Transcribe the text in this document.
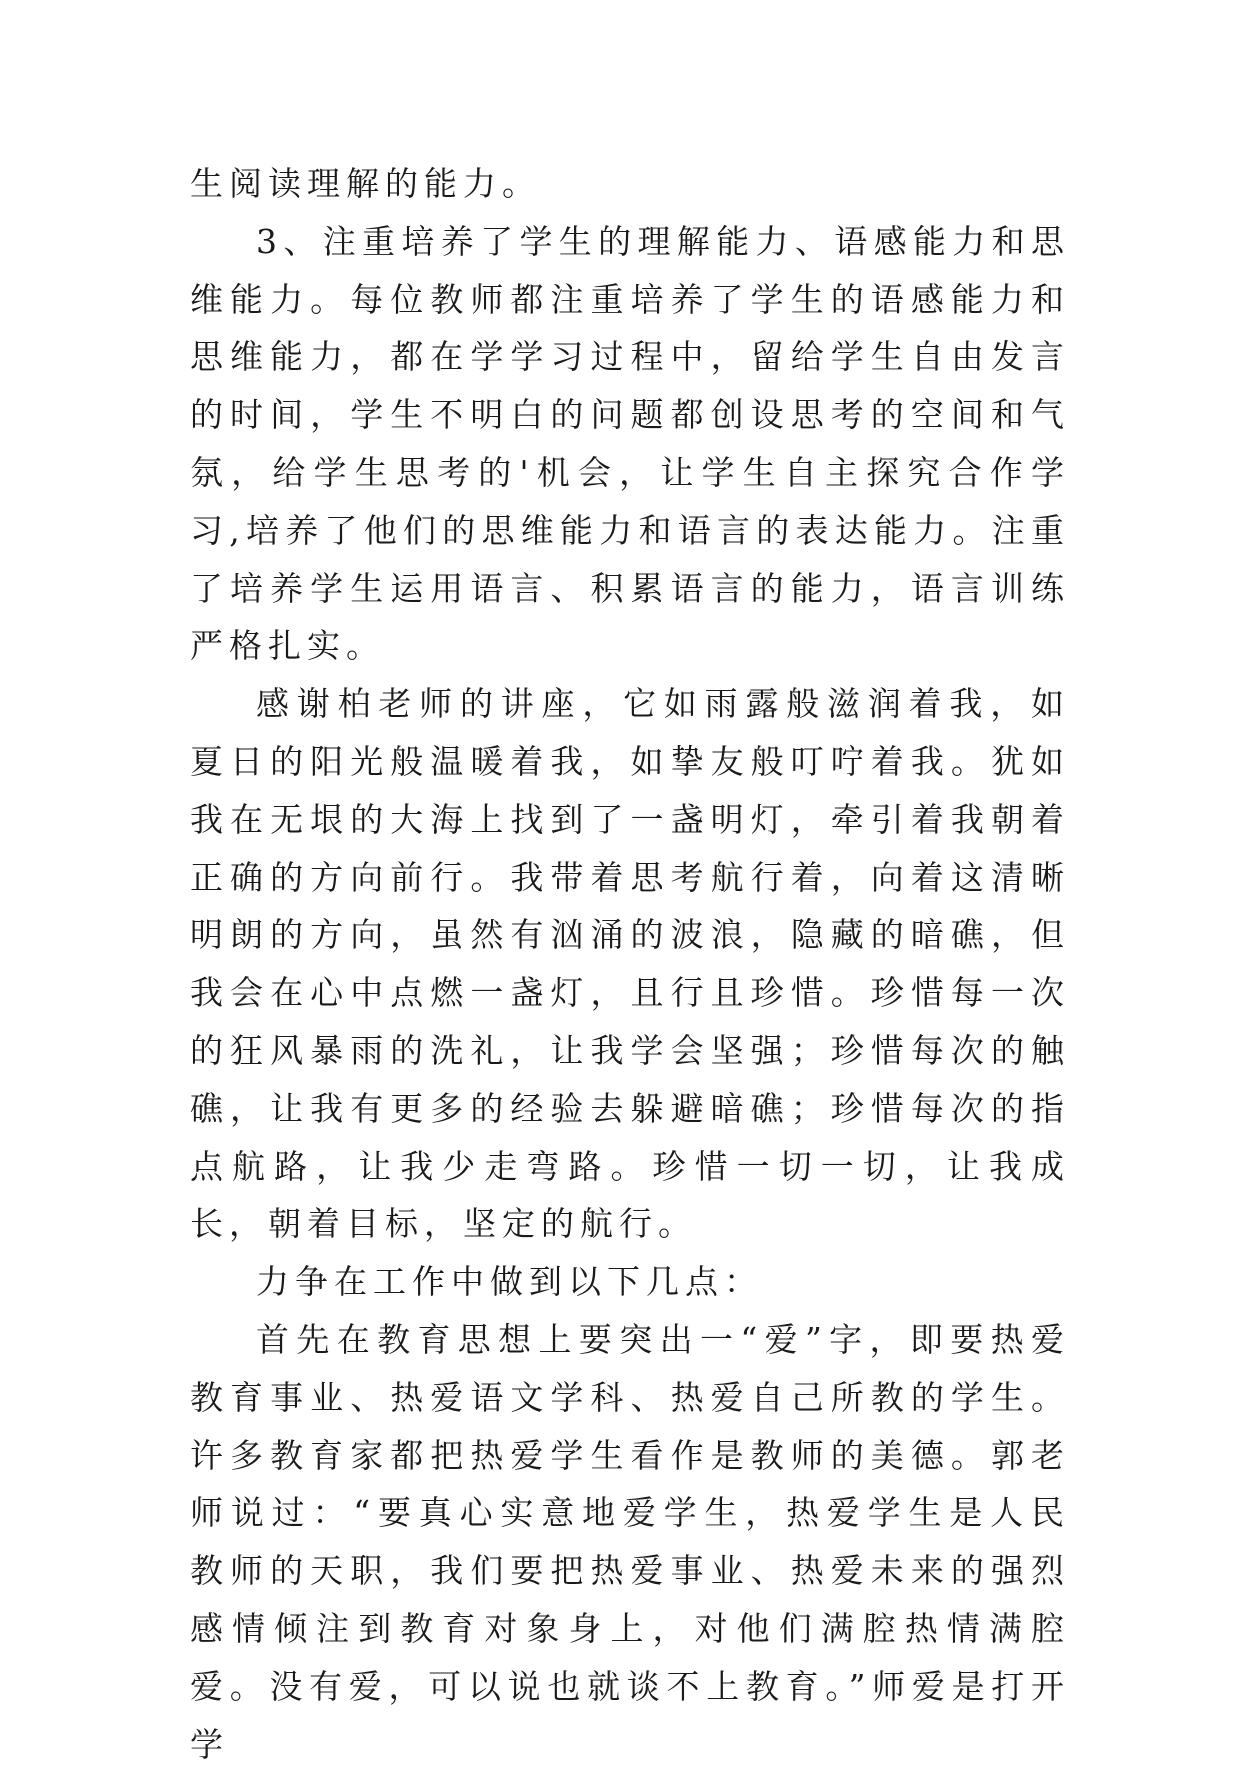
生阅读理解的能力。

3、注重培养了学生的理解能力、语感能力和思维能力。每位教师都注重培养了学生的语感能力和思维能力，都在学学习过程中，留给学生自由发言的时间，学生不明白的问题都创设思考的空间和气氛，给学生思考的'机会，让学生自主探究合作学习,培养了他们的思维能力和语言的表达能力。注重了培养学生运用语言、积累语言的能力，语言训练严格扎实。

感谢柏老师的讲座，它如雨露般滋润着我，如夏日的阳光般温暖着我，如挚友般叮咛着我。犹如我在无垠的大海上找到了一盏明灯，牵引着我朝着正确的方向前行。我带着思考航行着，向着这清晰明朗的方向，虽然有汹涌的波浪，隐藏的暗礁，但我会在心中点燃一盏灯，且行且珍惜。珍惜每一次的狂风暴雨的洗礼，让我学会坚强；珍惜每次的触礁，让我有更多的经验去躲避暗礁；珍惜每次的指点航路，让我少走弯路。珍惜一切一切，让我成长，朝着目标，坚定的航行。

力争在工作中做到以下几点：

首先在教育思想上要突出一“爱”字，即要热爱教育事业、热爱语文学科、热爱自己所教的学生。许多教育家都把热爱学生看作是教师的美德。郭老师说过：“要真心实意地爱学生，热爱学生是人民教师的天职，我们要把热爱事业、热爱未来的强烈感情倾注到教育对象身上，对他们满腔热情满腔爱。没有爱，可以说也就谈不上教育。”师爱是打开学
